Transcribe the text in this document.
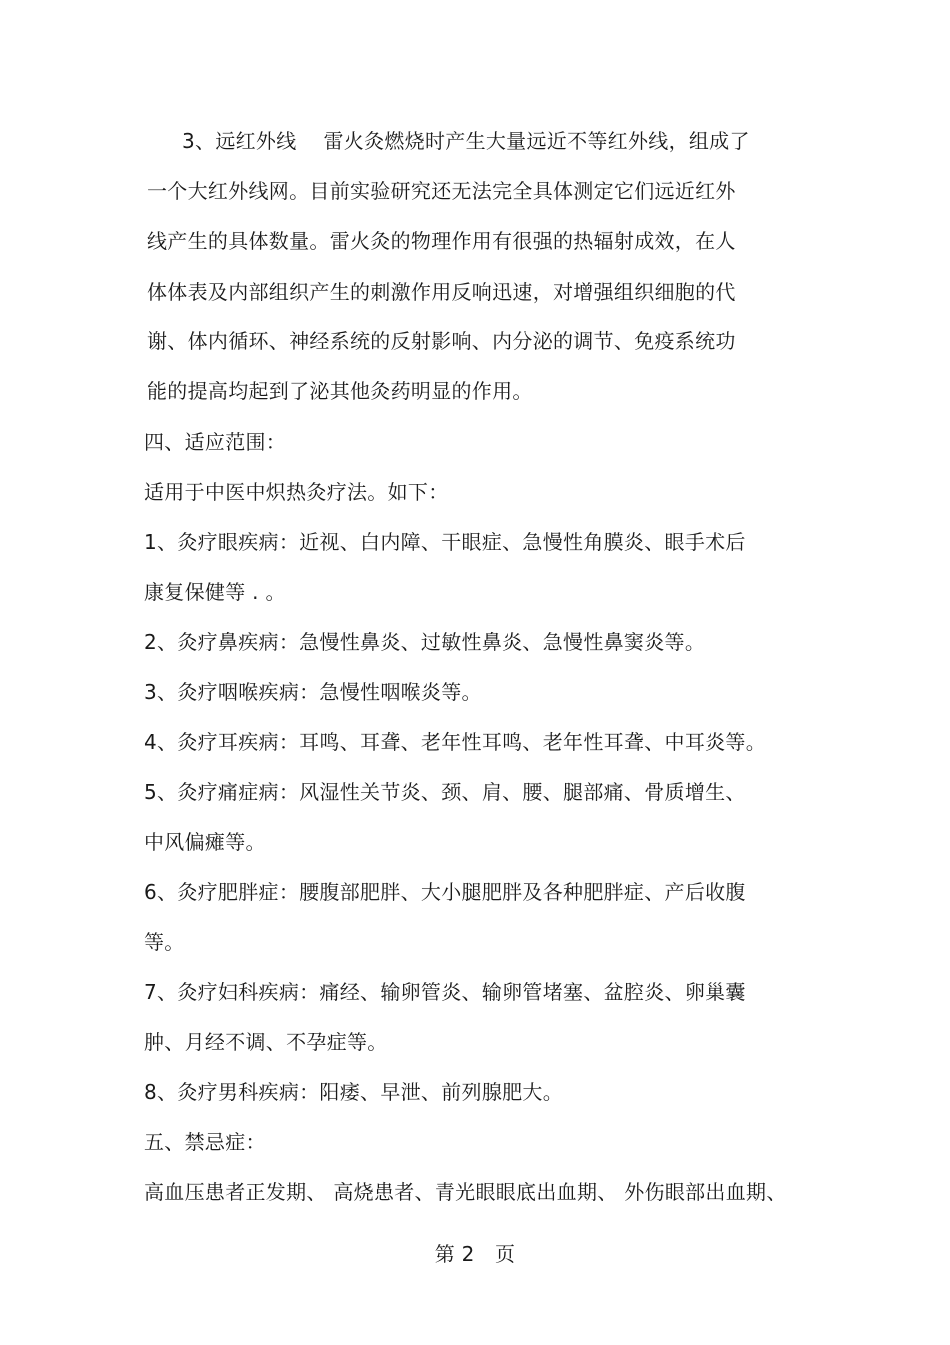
3、远红外线　 雷火灸燃烧时产生大量远近不等红外线，组成了
一个大红外线网。目前实验研究还无法完全具体测定它们远近红外
线产生的具体数量。雷火灸的物理作用有很强的热辐射成效，在人
体体表及内部组织产生的刺激作用反响迅速，对增强组织细胞的代
谢、体内循环、神经系统的反射影响、内分泌的调节、免疫系统功
能的提高均起到了泌其他灸药明显的作用。
四、适应范围：
适用于中医中炽热灸疗法。如下：
1、灸疗眼疾病：近视、白内障、干眼症、急慢性角膜炎、眼手术后
康复保健等 . 。
2、灸疗鼻疾病：急慢性鼻炎、过敏性鼻炎、急慢性鼻窦炎等。
3、灸疗咽喉疾病：急慢性咽喉炎等。
4、灸疗耳疾病：耳鸣、耳聋、老年性耳鸣、老年性耳聋、中耳炎等。
5、灸疗痛症病：风湿性关节炎、颈、肩、腰、腿部痛、骨质增生、
中风偏瘫等。
6、灸疗肥胖症：腰腹部肥胖、大小腿肥胖及各种肥胖症、产后收腹
等。
7、灸疗妇科疾病：痛经、输卵管炎、输卵管堵塞、盆腔炎、卵巢囊
肿、月经不调、不孕症等。
8、灸疗男科疾病：阳痿、早泄、前列腺肥大。
五、禁忌症：
高血压患者正发期、 高烧患者、青光眼眼底出血期、 外伤眼部出血期、
第 2　页
